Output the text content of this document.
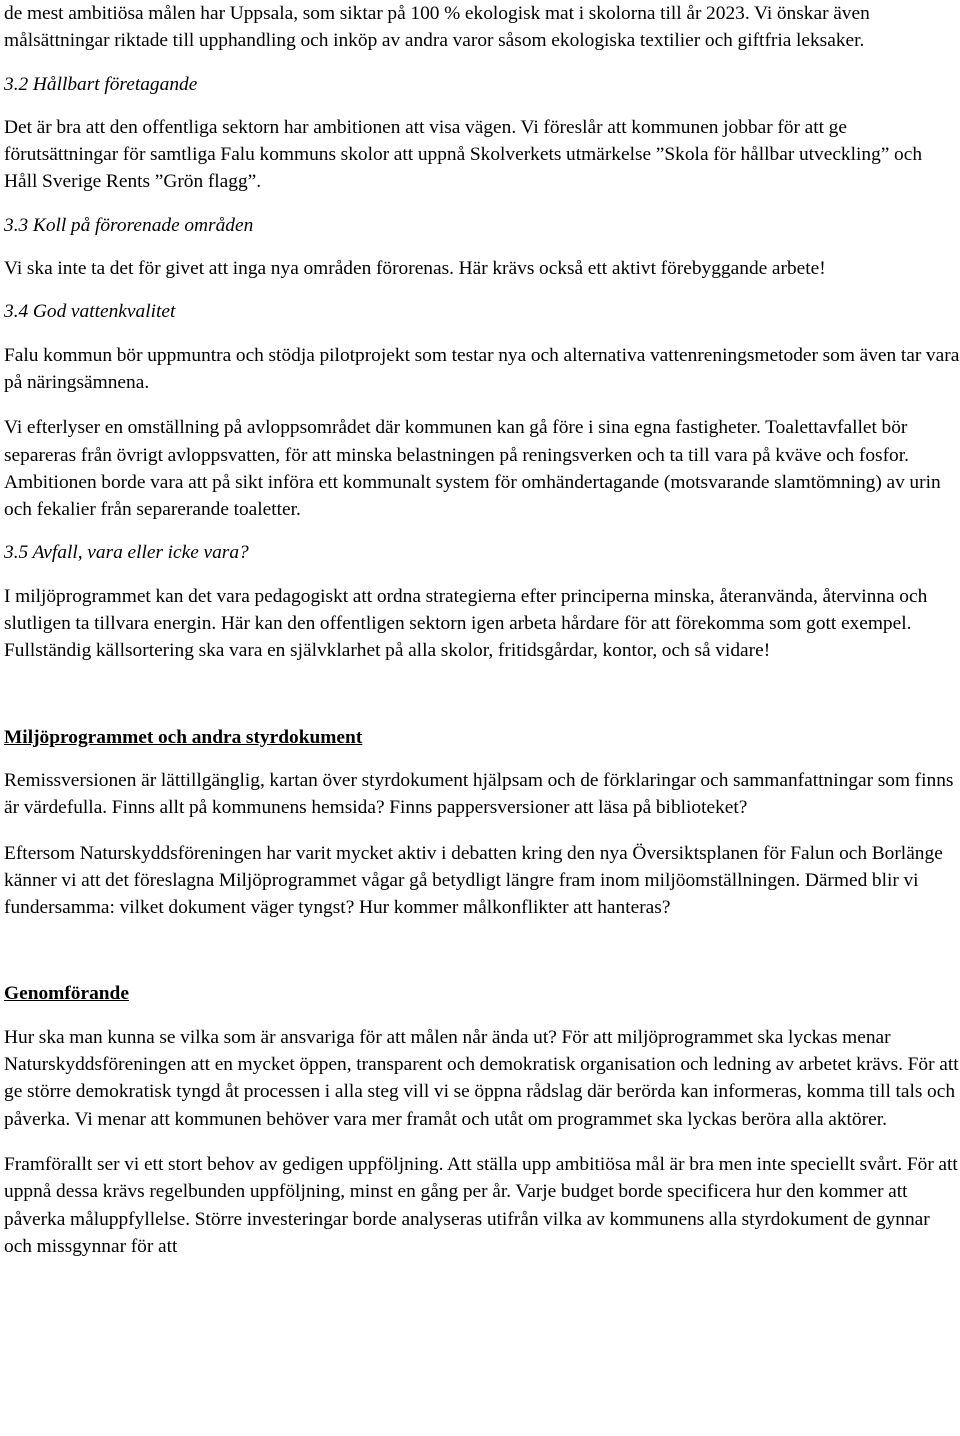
de mest ambitiösa målen har Uppsala, som siktar på 100 % ekologisk mat i skolorna till år 2023. Vi önskar även målsättningar riktade till upphandling och inköp av andra varor såsom ekologiska textilier och giftfria leksaker.

3.2 Hållbart företagande

Det är bra att den offentliga sektorn har ambitionen att visa vägen. Vi föreslår att kommunen jobbar för att ge förutsättningar för samtliga Falu kommuns skolor att uppnå Skolverkets utmärkelse ”Skola för hållbar utveckling” och Håll Sverige Rents ”Grön flagg”.

3.3 Koll på förorenade områden

Vi ska inte ta det för givet att inga nya områden förorenas. Här krävs också ett aktivt förebyggande arbete!

3.4 God vattenkvalitet

Falu kommun bör uppmuntra och stödja pilotprojekt som testar nya och alternativa vattenreningsmetoder som även tar vara på näringsämnena.

Vi efterlyser en omställning på avloppsområdet där kommunen kan gå före i sina egna fastigheter. Toalettavfallet bör separeras från övrigt avloppsvatten, för att minska belastningen på reningsverken och ta till vara på kväve och fosfor. Ambitionen borde vara att på sikt införa ett kommunalt system för omhändertagande (motsvarande slamtömning) av urin och fekalier från separerande toaletter.

3.5 Avfall, vara eller icke vara?

I miljöprogrammet kan det vara pedagogiskt att ordna strategierna efter principerna minska, återanvända, återvinna och slutligen ta tillvara energin. Här kan den offentligen sektorn igen arbeta hårdare för att förekomma som gott exempel. Fullständig källsortering ska vara en självklarhet på alla skolor, fritidsgårdar, kontor, och så vidare!

Miljöprogrammet och andra styrdokument

Remissversionen är lättillgänglig, kartan över styrdokument hjälpsam och de förklaringar och sammanfattningar som finns är värdefulla. Finns allt på kommunens hemsida? Finns pappersversioner att läsa på biblioteket?

Eftersom Naturskyddsföreningen har varit mycket aktiv i debatten kring den nya Översiktsplanen för Falun och Borlänge känner vi att det föreslagna Miljöprogrammet vågar gå betydligt längre fram inom miljöomställningen. Därmed blir vi fundersamma: vilket dokument väger tyngst? Hur kommer målkonflikter att hanteras?

Genomförande

Hur ska man kunna se vilka som är ansvariga för att målen når ända ut? För att miljöprogrammet ska lyckas menar Naturskyddsföreningen att en mycket öppen, transparent och demokratisk organisation och ledning av arbetet krävs. För att ge större demokratisk tyngd åt processen i alla steg vill vi se öppna rådslag där berörda kan informeras, komma till tals och påverka. Vi menar att kommunen behöver vara mer framåt och utåt om programmet ska lyckas beröra alla aktörer.

Framförallt ser vi ett stort behov av gedigen uppföljning. Att ställa upp ambitiösa mål är bra men inte speciellt svårt. För att uppnå dessa krävs regelbunden uppföljning, minst en gång per år. Varje budget borde specificera hur den kommer att påverka måluppfyllelse. Större investeringar borde analyseras utifrån vilka av kommunens alla styrdokument de gynnar och missgynnar för att
